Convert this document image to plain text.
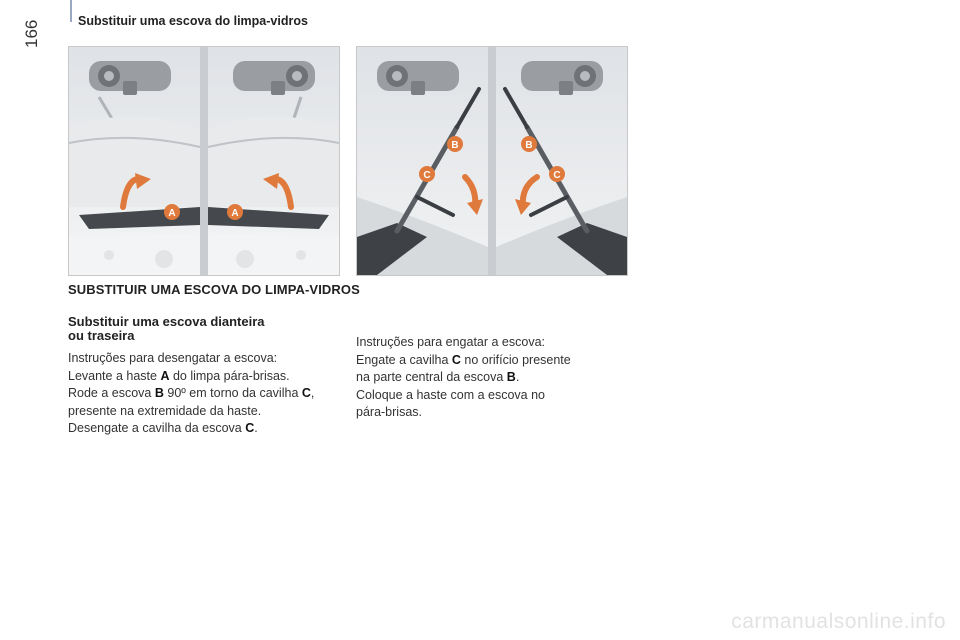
166	Substituir uma escova do limpa-vidros
A	A
B
C
B
C
SUBSTITUIR UMA ESCOVA DO LIMPA-VIDROS
Substituir uma escova dianteira
ou traseira

Instruções para desengatar a escova:

Levante a haste A do limpa pára-brisas.

Rode a escova B 90º em torno da cavilha C,

presente na extremidade da haste.

Desengate a cavilha da escova C.

Instruções para engatar a escova:

Engate a cavilha C no orifício presente

na parte central da escova B.

Coloque a haste com a escova no

pára-brisas.

carmanualsonline.info
